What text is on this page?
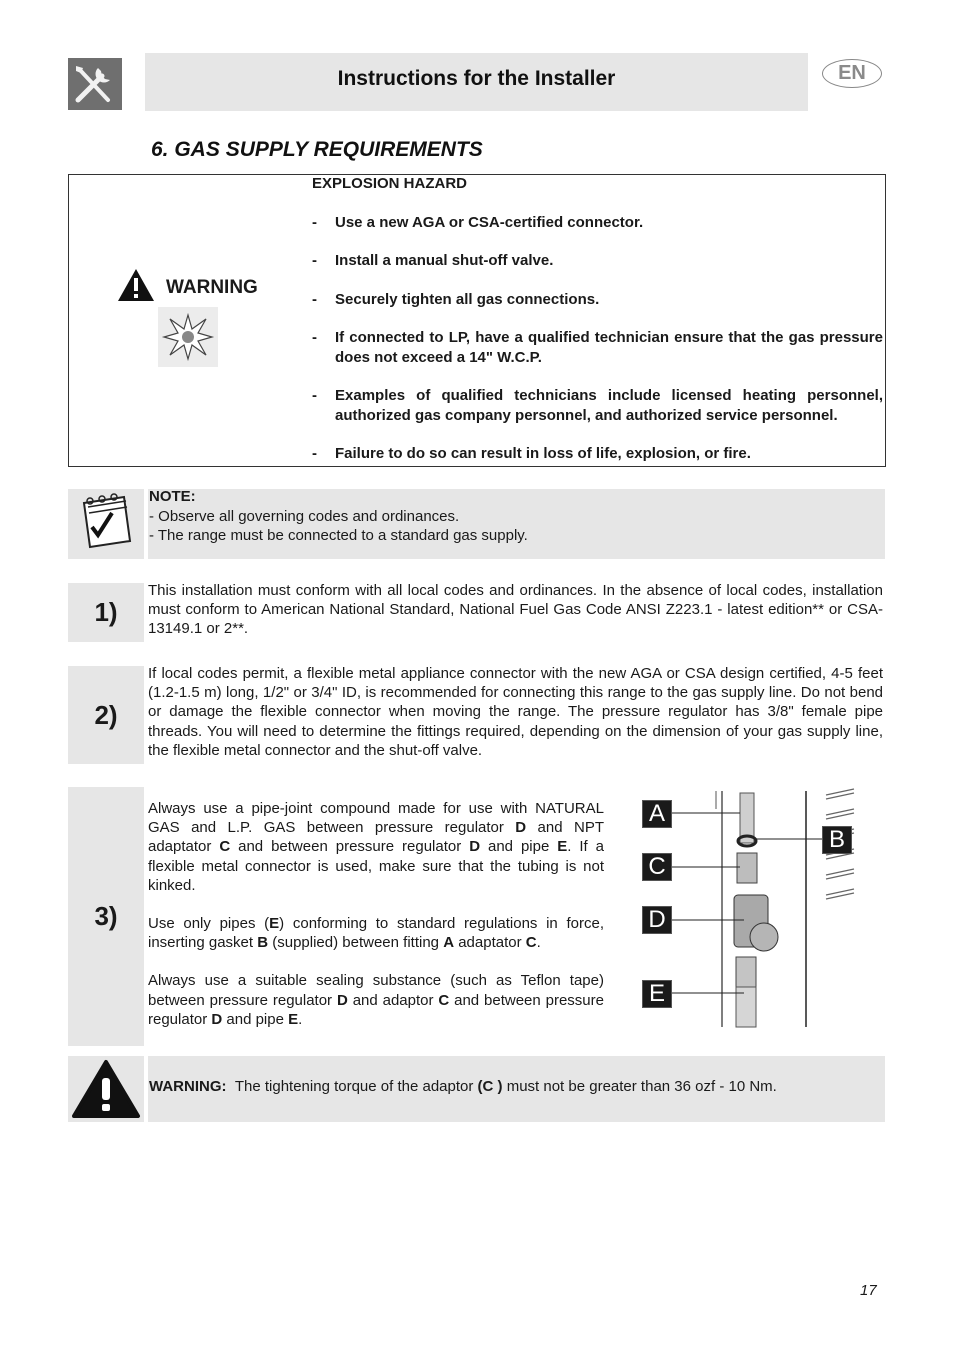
Instructions for the Installer	EN
6. GAS SUPPLY REQUIREMENTS
WARNING
EXPLOSION HAZARD
-	Use a new AGA or CSA-certified connector.
-	Install a manual shut-off valve.
-	Securely tighten all gas connections.
-	If connected to LP, have a qualified technician ensure that the gas pressure does not exceed a 14" W.C.P.
-	Examples of qualified technicians include licensed heating personnel, authorized gas company personnel, and authorized service personnel.
-	Failure to do so can result in loss of life, explosion, or fire.
NOTE:
- Observe all governing codes and ordinances.
- The range must be connected to a standard gas supply.
1)
This installation must conform with all local codes and ordinances. In the absence of local codes, installation must conform to American National Standard, National Fuel Gas Code ANSI Z223.1 - latest edition** or CSA-13149.1 or 2**.
2)
If local codes permit, a flexible metal appliance connector with the new AGA or CSA design certified, 4-5 feet (1.2-1.5 m) long, 1/2" or 3/4" ID, is recommended for connecting this range to the gas supply line. Do not bend or damage the flexible connector when moving the range. The pressure regulator has 3/8" female pipe threads. You will need to determine the fittings required, depending on the dimension of your gas supply line, the flexible metal connector and the shut-off valve.
3)
Always use a pipe-joint compound made for use with NATURAL GAS and L.P. GAS between pressure regulator D and NPT adaptator C and between pressure regulator D and pipe E. If a flexible metal connector is used, make sure that the tubing is not kinked.
Use only pipes (E) conforming to standard regulations in force, inserting gasket B (supplied) between fitting A adaptator C.
Always use a suitable sealing substance (such as Teflon tape) between pressure regulator D and adaptor C and between pressure regulator D and pipe E.
A
B
C
D
E
WARNING: The tightening torque of the adaptor (C ) must not be greater than 36 ozf - 10 Nm.
17
